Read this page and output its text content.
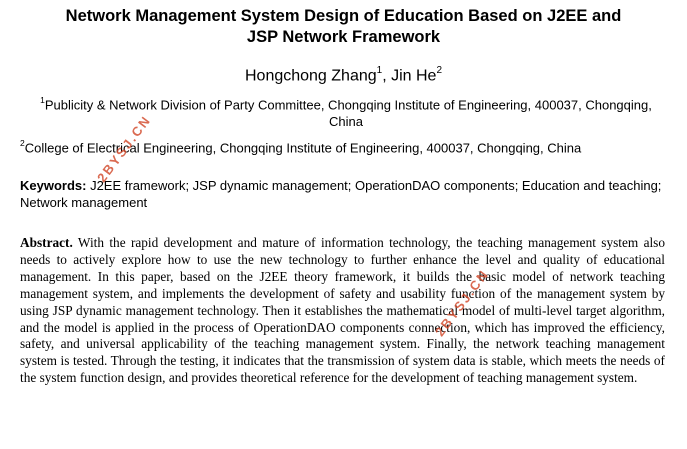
Network Management System Design of Education Based on J2EE and
JSP Network Framework
Hongchong Zhang$^1$, Jin He$^2$
$^1$Publicity & Network Division of Party Committee, Chongqing Institute of Engineering, 400037, Chongqing, China
$^2$College of Electrical Engineering, Chongqing Institute of Engineering, 400037, Chongqing, China
Keywords: J2EE framework; JSP dynamic management; OperationDAO components; Education and teaching; Network management
Abstract. With the rapid development and mature of information technology, the teaching management system also needs to actively explore how to use the new technology to further enhance the level and quality of educational management. In this paper, based on the J2EE theory framework, it builds the basic model of network teaching management system, and implements the development of safety and usability function of the management system by using JSP dynamic management technology. Then it establishes the mathematical model of multi-level target algorithm, and the model is applied in the process of OperationDAO components connection, which has improved the efficiency, safety, and universal applicability of the teaching management system. Finally, the network teaching management system is tested. Through the testing, it indicates that the transmission of system data is stable, which meets the needs of the system function design, and provides theoretical reference for the development of teaching management system.
2BYSJ.CN
2BYSJ.CN
